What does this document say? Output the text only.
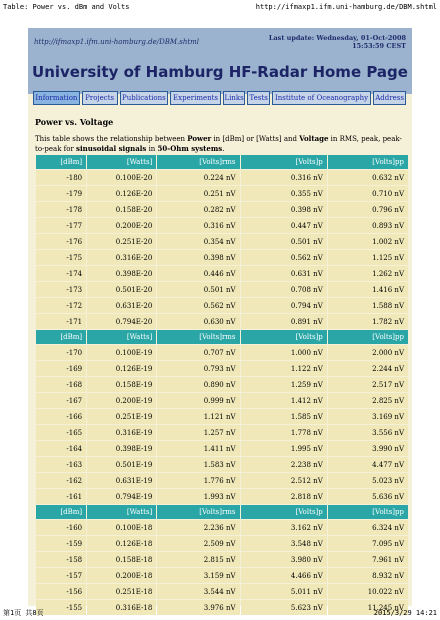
Table: Power vs. dBm and Volts	http://ifmaxp1.ifm.uni-hamburg.de/DBM.shtml
http://ifmaxp1.ifm.uni-hamburg.de/DBM.shtml	Last update: Wednesday, 01-Oct-2008
15:53:59 CEST
University of Hamburg HF-Radar Home Page
Information	Projects	Publications	Experiments Links Tests	Institute of Oceanography	Address
Power vs. Voltage
This table shows the relationship between Power in [dBm] or [Watts] and Voltage in RMS, peak, peak-to-peak for sinusoidal signals in 50-Ohm systems.
[dBm]	[Watts]	[Volts]rms	[Volts]p	[Volts]pp
-180	0.100E-20	0.224 nV	0.316 nV	0.632 nV
-179	0.126E-20	0.251 nV	0.355 nV	0.710 nV
-178	0.158E-20	0.282 nV	0.398 nV	0.796 nV
-177	0.200E-20	0.316 nV	0.447 nV	0.893 nV
-176	0.251E-20	0.354 nV	0.501 nV	1.002 nV
-175	0.316E-20	0.398 nV	0.562 nV	1.125 nV
-174	0.398E-20	0.446 nV	0.631 nV	1.262 nV
-173	0.501E-20	0.501 nV	0.708 nV	1.416 nV
-172	0.631E-20	0.562 nV	0.794 nV	1.588 nV
-171	0.794E-20	0.630 nV	0.891 nV	1.782 nV
[dBm]	[Watts]	[Volts]rms	[Volts]p	[Volts]pp
-170	0.100E-19	0.707 nV	1.000 nV	2.000 nV
-169	0.126E-19	0.793 nV	1.122 nV	2.244 nV
-168	0.158E-19	0.890 nV	1.259 nV	2.517 nV
-167	0.200E-19	0.999 nV	1.412 nV	2.825 nV
-166	0.251E-19	1.121 nV	1.585 nV	3.169 nV
-165	0.316E-19	1.257 nV	1.778 nV	3.556 nV
-164	0.398E-19	1.411 nV	1.995 nV	3.990 nV
-163	0.501E-19	1.583 nV	2.238 nV	4.477 nV
-162	0.631E-19	1.776 nV	2.512 nV	5.023 nV
-161	0.794E-19	1.993 nV	2.818 nV	5.636 nV
[dBm]	[Watts]	[Volts]rms	[Volts]p	[Volts]pp
-160	0.100E-18	2.236 nV	3.162 nV	6.324 nV
-159	0.126E-18	2.509 nV	3.548 nV	7.095 nV
-158	0.158E-18	2.815 nV	3.980 nV	7.961 nV
-157	0.200E-18	3.159 nV	4.466 nV	8.932 nV
-156	0.251E-18	3.544 nV	5.011 nV	10.022 nV
-155	0.316E-18	3.976 nV	5.623 nV	11.245 nV
第1页 共8页	2015/3/29 14:21
